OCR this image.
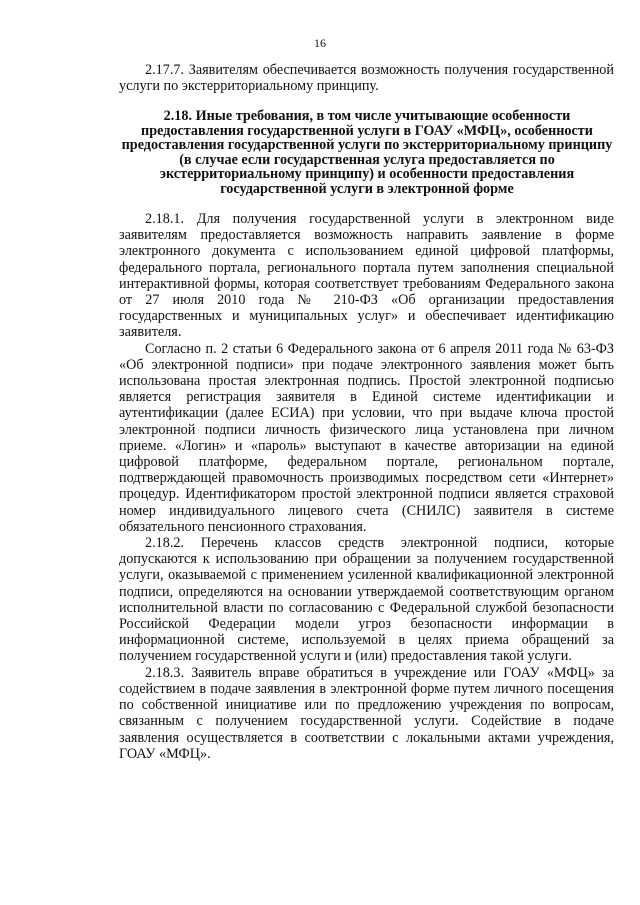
16

2.17.7. Заявителям обеспечивается возможность получения государственной услуги по экстерриториальному принципу.

2.18. Иные требования, в том числе учитывающие особенности предоставления государственной услуги в ГОАУ «МФЦ», особенности предоставления государственной услуги по экстерриториальному принципу (в случае если государственная услуга предоставляется по экстерриториальному принципу) и особенности предоставления государственной услуги в электронной форме

2.18.1. Для получения государственной услуги в электронном виде заявителям предоставляется возможность направить заявление в форме электронного документа с использованием единой цифровой платформы, федерального портала, регионального портала путем заполнения специальной интерактивной формы, которая соответствует требованиям Федерального закона от 27 июля 2010 года № 210-ФЗ «Об организации предоставления государственных и муниципальных услуг» и обеспечивает идентификацию заявителя.

Согласно п. 2 статьи 6 Федерального закона от 6 апреля 2011 года № 63-ФЗ «Об электронной подписи» при подаче электронного заявления может быть использована простая электронная подпись. Простой электронной подписью является регистрация заявителя в Единой системе идентификации и аутентификации (далее ЕСИА) при условии, что при выдаче ключа простой электронной подписи личность физического лица установлена при личном приеме. «Логин» и «пароль» выступают в качестве авторизации на единой цифровой платформе, федеральном портале, региональном портале, подтверждающей правомочность производимых посредством сети «Интернет» процедур. Идентификатором простой электронной подписи является страховой номер индивидуального лицевого счета (СНИЛС) заявителя в системе обязательного пенсионного страхования.

2.18.2. Перечень классов средств электронной подписи, которые допускаются к использованию при обращении за получением государственной услуги, оказываемой с применением усиленной квалификационной электронной подписи, определяются на основании утверждаемой соответствующим органом исполнительной власти по согласованию с Федеральной службой безопасности Российской Федерации модели угроз безопасности информации в информационной системе, используемой в целях приема обращений за получением государственной услуги и (или) предоставления такой услуги.

2.18.3. Заявитель вправе обратиться в учреждение или ГОАУ «МФЦ» за содействием в подаче заявления в электронной форме путем личного посещения по собственной инициативе или по предложению учреждения по вопросам, связанным с получением государственной услуги. Содействие в подаче заявления осуществляется в соответствии с локальными актами учреждения, ГОАУ «МФЦ».
